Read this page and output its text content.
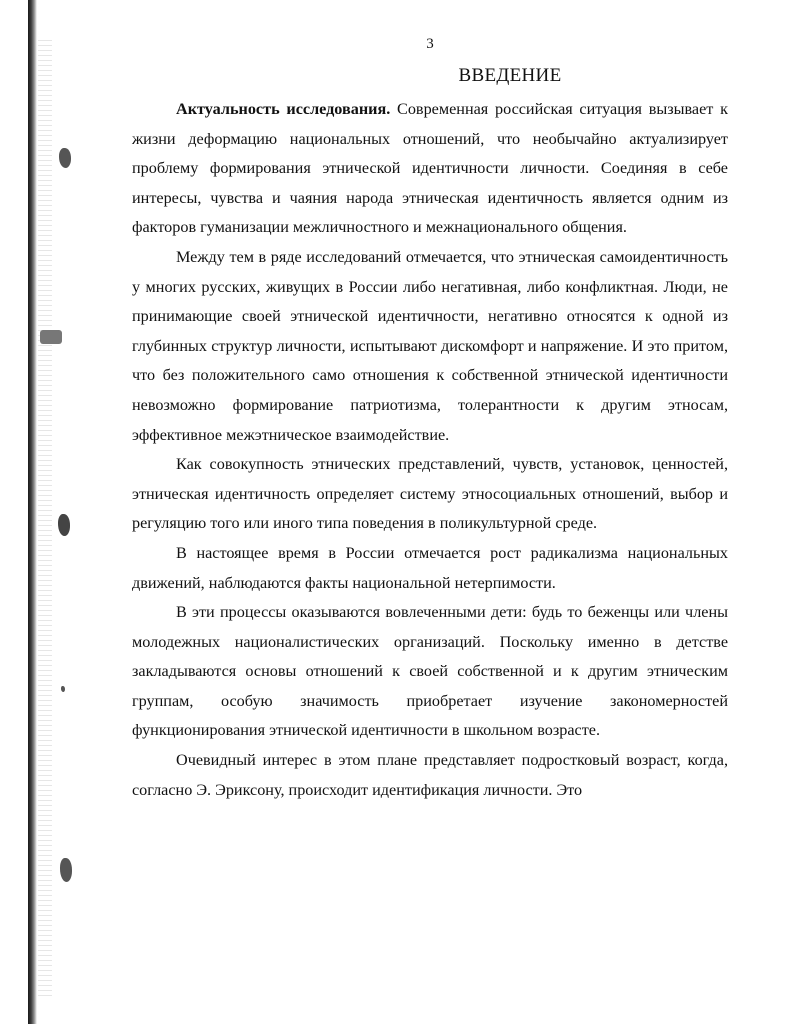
3
ВВЕДЕНИЕ

Актуальность исследования. Современная российская ситуация вызывает к жизни деформацию национальных отношений, что необычайно актуализирует проблему формирования этнической идентичности личности. Соединяя в себе интересы, чувства и чаяния народа этническая идентичность является одним из факторов гуманизации межличностного и межнационального общения.

Между тем в ряде исследований отмечается, что этническая самоидентичность у многих русских, живущих в России либо негативная, либо конфликтная. Люди, не принимающие своей этнической идентичности, негативно относятся к одной из глубинных структур личности, испытывают дискомфорт и напряжение. И это притом, что без положительного само отношения к собственной этнической идентичности невозможно формирование патриотизма, толерантности к другим этносам, эффективное межэтническое взаимодействие.

Как совокупность этнических представлений, чувств, установок, ценностей, этническая идентичность определяет систему этносоциальных отношений, выбор и регуляцию того или иного типа поведения в поликультурной среде.

В настоящее время в России отмечается рост радикализма национальных движений, наблюдаются факты национальной нетерпимости.

В эти процессы оказываются вовлеченными дети: будь то беженцы или члены молодежных националистических организаций. Поскольку именно в детстве закладываются основы отношений к своей собственной и к другим этническим группам, особую значимость приобретает изучение закономерностей функционирования этнической идентичности в школьном возрасте.

Очевидный интерес в этом плане представляет подростковый возраст, когда, согласно Э. Эриксону, происходит идентификация личности. Это
